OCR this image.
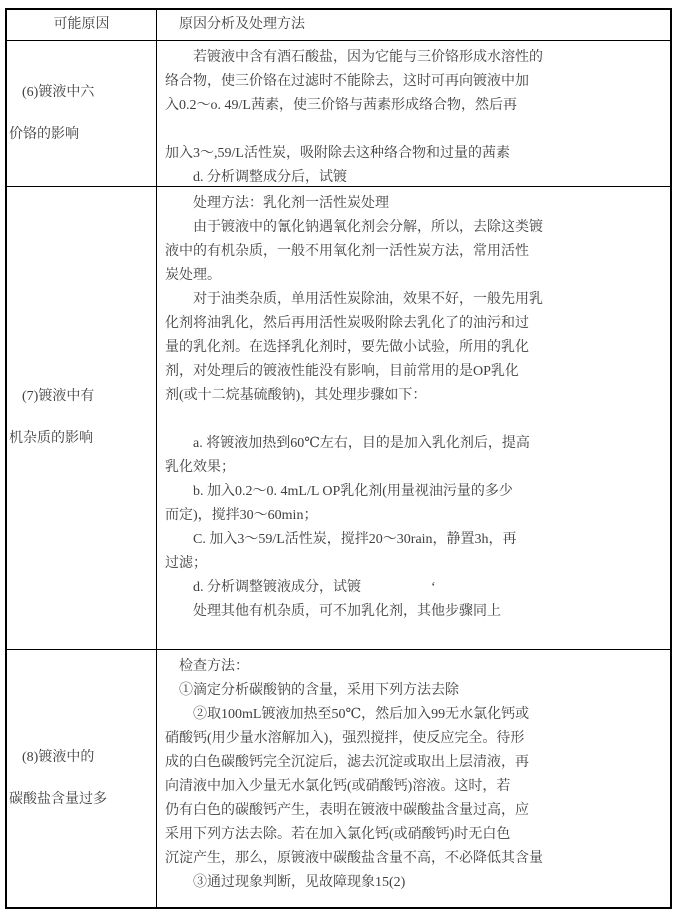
可能原因	原因分析及处理方法
(6)镀液中六
价铬的影响
　　若镀液中含有酒石酸盐，因为它能与三价铬形成水溶性的
络合物，使三价铬在过滤时不能除去，这时可再向镀液中加
入0.2～o. 49/L茜素，使三价铬与茜素形成络合物，然后再
加入3～,59/L活性炭，吸附除去这种络合物和过量的茜素
　　d. 分析调整成分后，试镀
(7)镀液中有
机杂质的影响
　　处理方法：乳化剂一活性炭处理
　　由于镀液中的氰化钠遇氧化剂会分解，所以，去除这类镀
液中的有机杂质，一般不用氧化剂一活性炭方法，常用活性
炭处理。
　　对于油类杂质，单用活性炭除油，效果不好，一般先用乳
化剂将油乳化，然后再用活性炭吸附除去乳化了的油污和过
量的乳化剂。在选择乳化剂时，要先做小试验，所用的乳化
剂，对处理后的镀液性能没有影响，目前常用的是OP乳化
剂(或十二烷基硫酸钠)，其处理步骤如下：
　　a. 将镀液加热到60℃左右，目的是加入乳化剂后，提高
乳化效果；
　　b. 加入0.2～0. 4mL/L OP乳化剂(用量视油污量的多少
而定)，搅拌30～60min；
　　C. 加入3～59/L活性炭，搅拌20～30rain，静置3h，再
过滤；
　　d. 分析调整镀液成分，试镀　　　　　‘
　　处理其他有机杂质，可不加乳化剂，其他步骤同上
(8)镀液中的
碳酸盐含量过多
　检查方法：
　①滴定分析碳酸钠的含量，采用下列方法去除
　　②取100mL镀液加热至50℃，然后加入99无水氯化钙或
硝酸钙(用少量水溶解加入)，强烈搅拌，使反应完全。待形
成的白色碳酸钙完全沉淀后，滤去沉淀或取出上层清液，再
向清液中加入少量无水氯化钙(或硝酸钙)溶液。这时，若
仍有白色的碳酸钙产生，表明在镀液中碳酸盐含量过高，应
采用下列方法去除。若在加入氯化钙(或硝酸钙)时无白色
沉淀产生，那么，原镀液中碳酸盐含量不高，不必降低其含量
　　③通过现象判断，见故障现象15(2)
